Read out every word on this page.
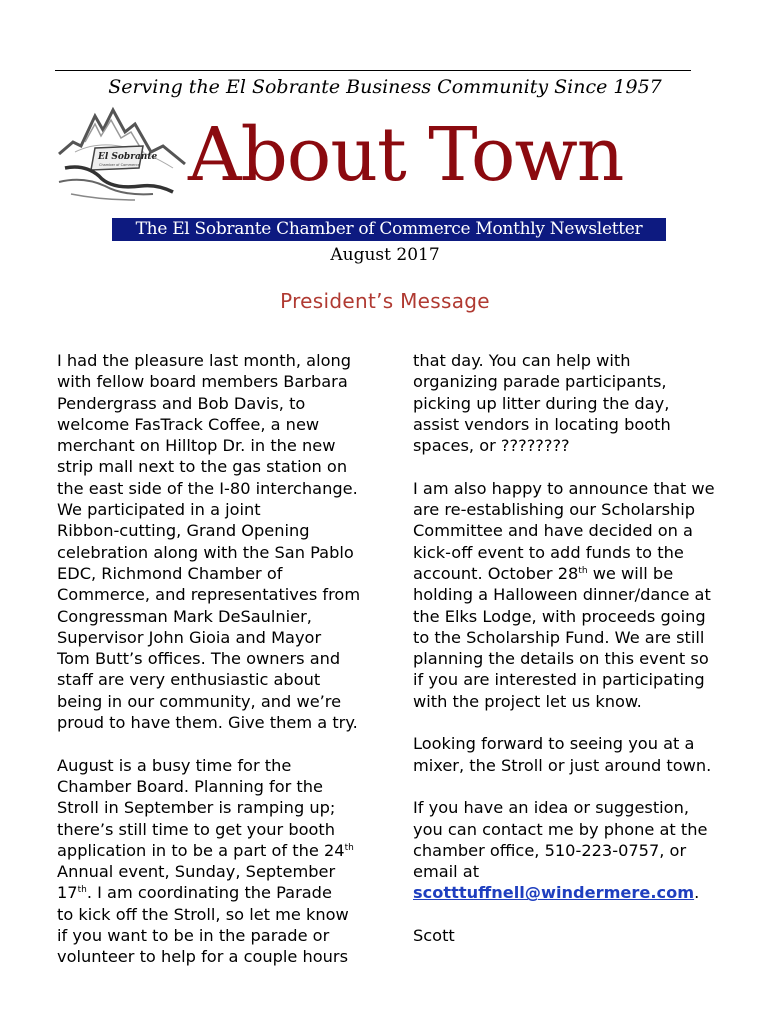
Serving the El Sobrante Business Community Since 1957
El Sobrante
Chamber of Commerce About Town
The El Sobrante Chamber of Commerce Monthly Newsletter
August 2017
President’s Message

I had the pleasure last month, along
with fellow board members Barbara
Pendergrass and Bob Davis, to
welcome FasTrack Coffee, a new
merchant on Hilltop Dr. in the new
strip mall next to the gas station on
the east side of the I-80 interchange.
We participated in a joint
Ribbon-cutting, Grand Opening
celebration along with the San Pablo
EDC, Richmond Chamber of
Commerce, and representatives from
Congressman Mark DeSaulnier,
Supervisor John Gioia and Mayor
Tom Butt’s offices. The owners and
staff are very enthusiastic about
being in our community, and we’re
proud to have them. Give them a try.

August is a busy time for the
Chamber Board. Planning for the
Stroll in September is ramping up;
there’s still time to get your booth
application in to be a part of the 24th
Annual event, Sunday, September
17th. I am coordinating the Parade
to kick off the Stroll, so let me know
if you want to be in the parade or
volunteer to help for a couple hours

that day. You can help with
organizing parade participants,
picking up litter during the day,
assist vendors in locating booth
spaces, or ????????

I am also happy to announce that we
are re-establishing our Scholarship
Committee and have decided on a
kick-off event to add funds to the
account. October 28th we will be
holding a Halloween dinner/dance at
the Elks Lodge, with proceeds going
to the Scholarship Fund. We are still
planning the details on this event so
if you are interested in participating
with the project let us know.

Looking forward to seeing you at a
mixer, the Stroll or just around town.

If you have an idea or suggestion,
you can contact me by phone at the
chamber office, 510-223-0757, or
email at
scotttuffnell@windermere.com.

Scott
